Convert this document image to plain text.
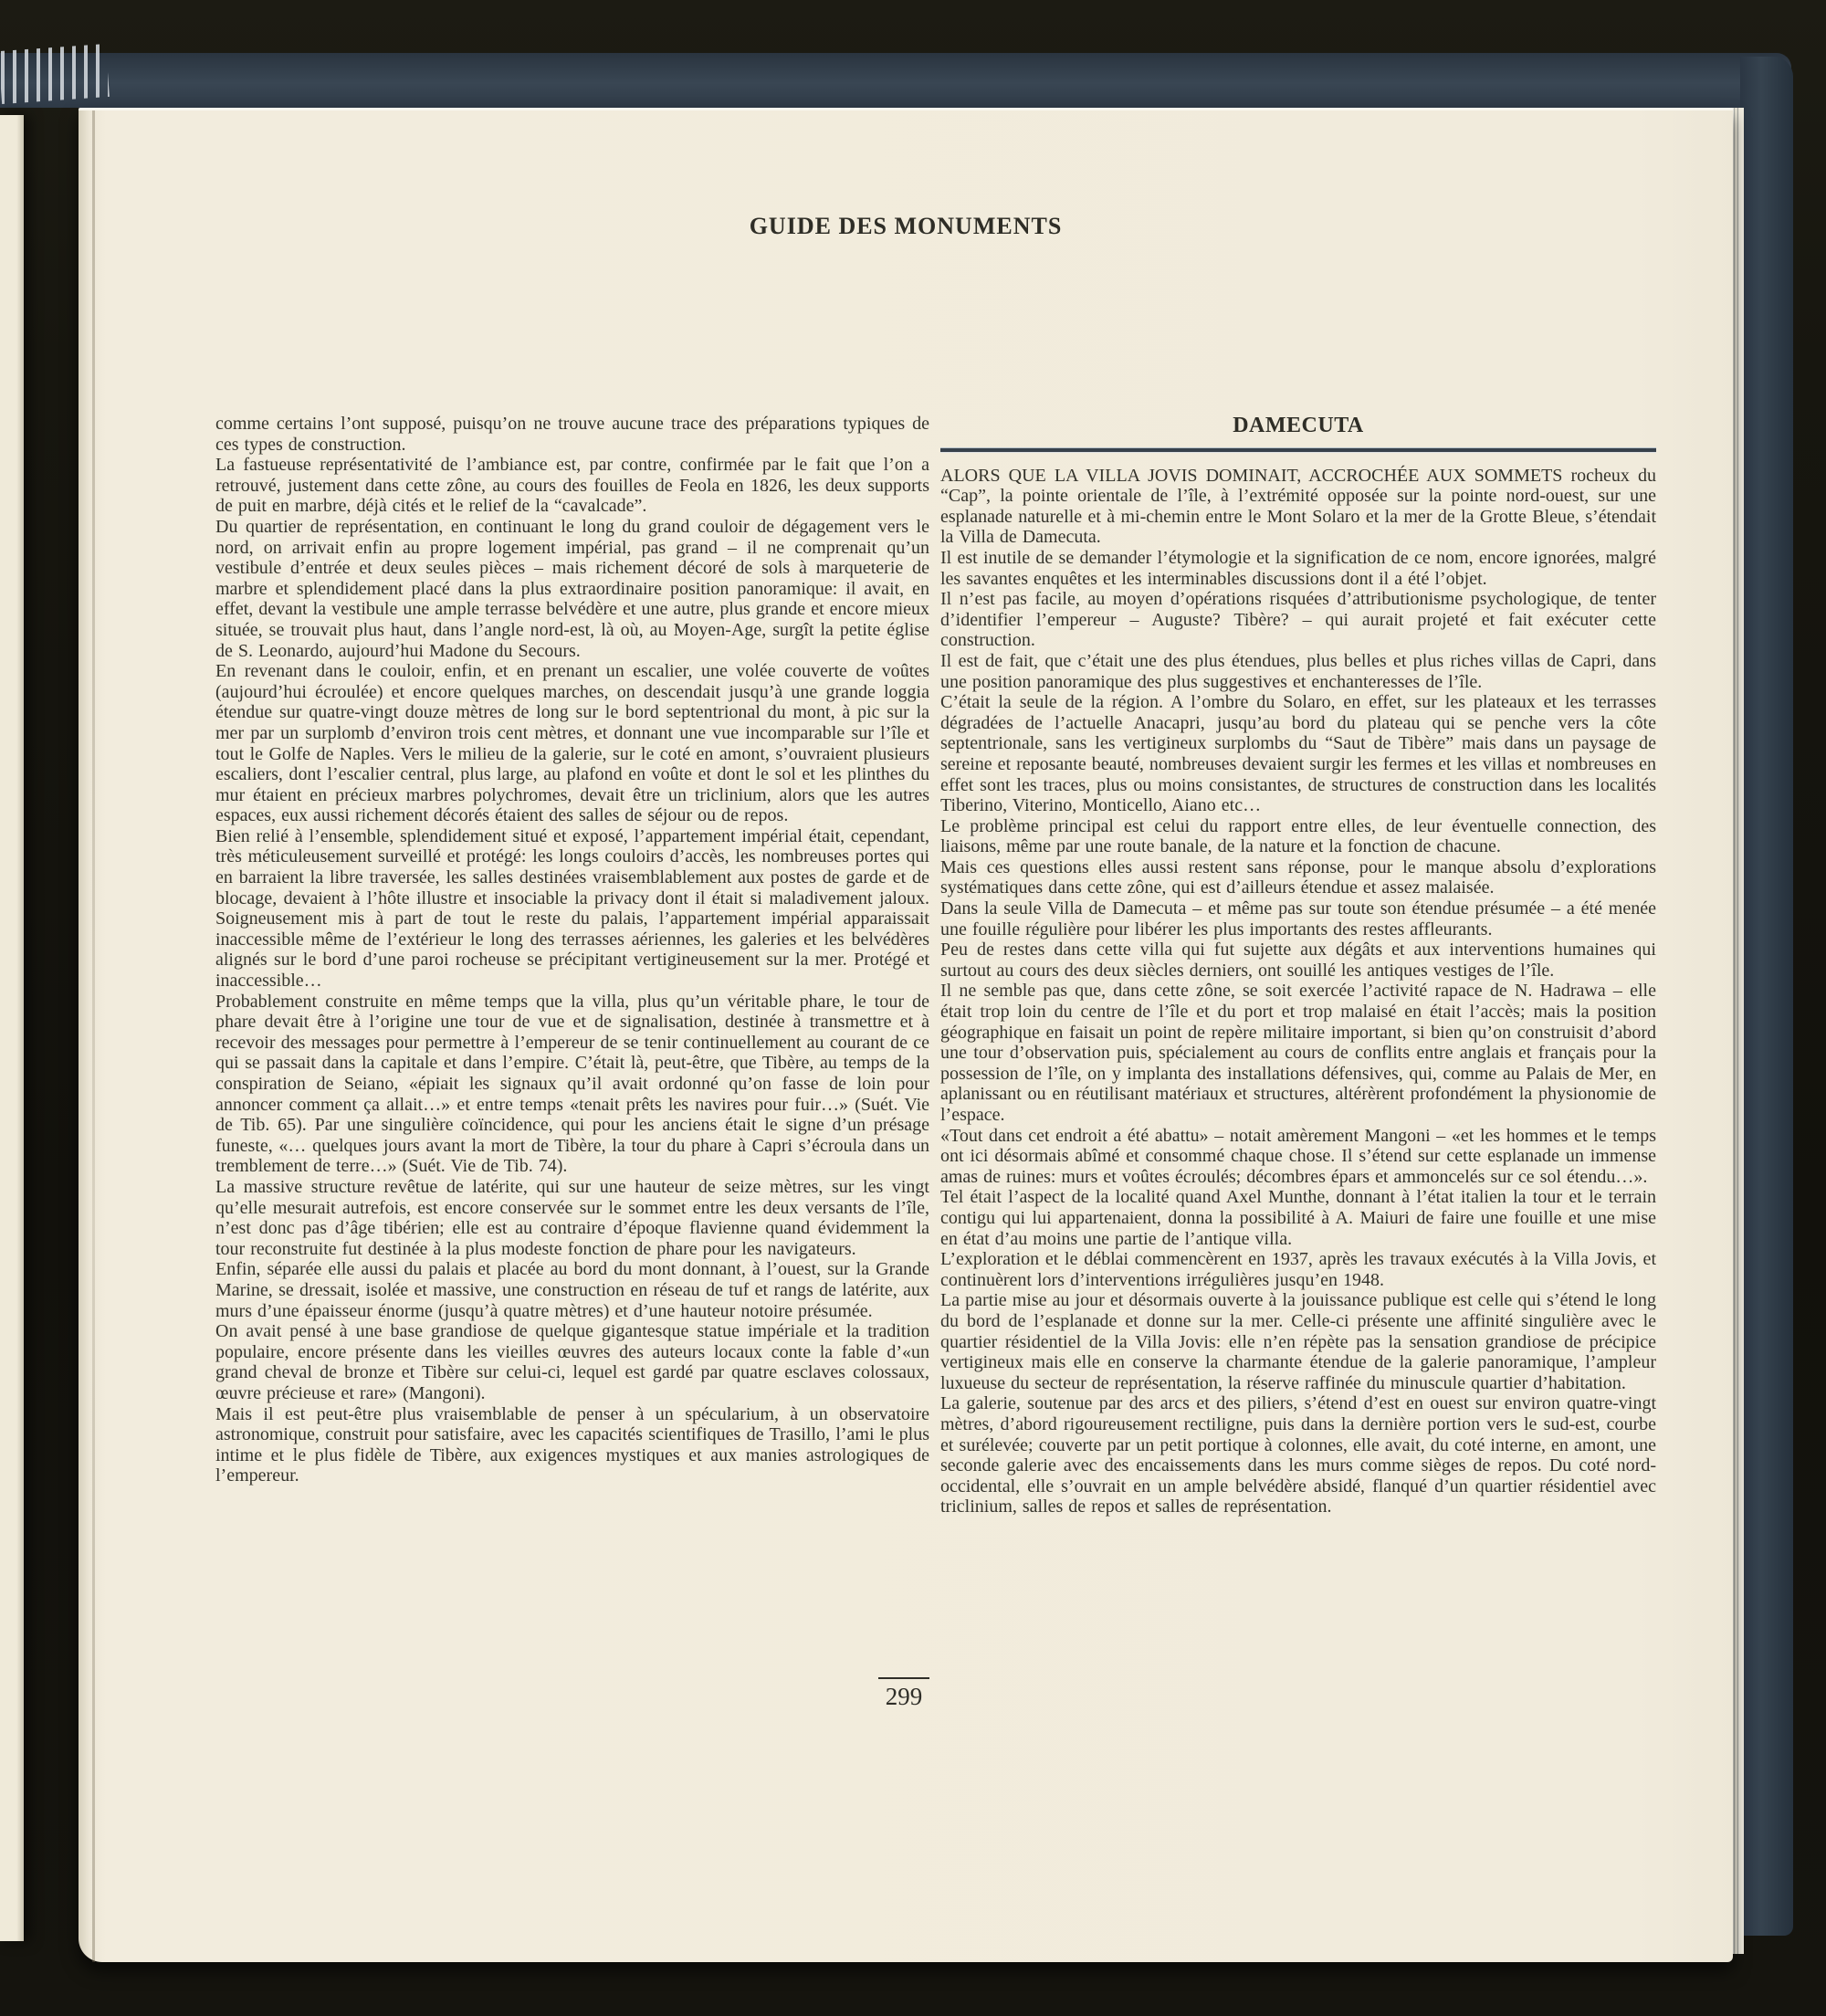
GUIDE DES MONUMENTS

comme certains l’ont supposé, puisqu’on ne trouve aucune trace des préparations typiques de ces types de construction.

La fastueuse représentativité de l’ambiance est, par contre, confirmée par le fait que l’on a retrouvé, justement dans cette zône, au cours des fouilles de Feola en 1826, les deux supports de puit en marbre, déjà cités et le relief de la “cavalcade”.

Du quartier de représentation, en continuant le long du grand couloir de dégagement vers le nord, on arrivait enfin au propre logement impérial, pas grand – il ne comprenait qu’un vestibule d’entrée et deux seules pièces – mais richement décoré de sols à marqueterie de marbre et splendidement placé dans la plus extraordinaire position panoramique: il avait, en effet, devant la vestibule une ample terrasse belvédère et une autre, plus grande et encore mieux située, se trouvait plus haut, dans l’angle nord-est, là où, au Moyen-Age, surgît la petite église de S. Leonardo, aujourd’hui Madone du Secours.

En revenant dans le couloir, enfin, et en prenant un escalier, une volée couverte de voûtes (aujourd’hui écroulée) et encore quelques marches, on descendait jusqu’à une grande loggia étendue sur quatre-vingt douze mètres de long sur le bord septentrional du mont, à pic sur la mer par un surplomb d’environ trois cent mètres, et donnant une vue incomparable sur l’île et tout le Golfe de Naples. Vers le milieu de la galerie, sur le coté en amont, s’ouvraient plusieurs escaliers, dont l’escalier central, plus large, au plafond en voûte et dont le sol et les plinthes du mur étaient en précieux marbres polychromes, devait être un triclinium, alors que les autres espaces, eux aussi richement décorés étaient des salles de séjour ou de repos.

Bien relié à l’ensemble, splendidement situé et exposé, l’appartement impérial était, cependant, très méticuleusement surveillé et protégé: les longs couloirs d’accès, les nombreuses portes qui en barraient la libre traversée, les salles destinées vraisemblablement aux postes de garde et de blocage, devaient à l’hôte illustre et insociable la privacy dont il était si maladivement jaloux. Soigneusement mis à part de tout le reste du palais, l’appartement impérial apparaissait inaccessible même de l’extérieur le long des terrasses aériennes, les galeries et les belvédères alignés sur le bord d’une paroi rocheuse se précipitant vertigineusement sur la mer. Protégé et inaccessible…

Probablement construite en même temps que la villa, plus qu’un véritable phare, le tour de phare devait être à l’origine une tour de vue et de signalisation, destinée à transmettre et à recevoir des messages pour permettre à l’empereur de se tenir continuellement au courant de ce qui se passait dans la capitale et dans l’empire. C’était là, peut-être, que Tibère, au temps de la conspiration de Seiano, «épiait les signaux qu’il avait ordonné qu’on fasse de loin pour annoncer comment ça allait…» et entre temps «tenait prêts les navires pour fuir…» (Suét. Vie de Tib. 65). Par une singulière coïncidence, qui pour les anciens était le signe d’un présage funeste, «… quelques jours avant la mort de Tibère, la tour du phare à Capri s’écroula dans un tremblement de terre…» (Suét. Vie de Tib. 74).

La massive structure revêtue de latérite, qui sur une hauteur de seize mètres, sur les vingt qu’elle mesurait autrefois, est encore conservée sur le sommet entre les deux versants de l’île, n’est donc pas d’âge tibérien; elle est au contraire d’époque flavienne quand évidemment la tour reconstruite fut destinée à la plus modeste fonction de phare pour les navigateurs.

Enfin, séparée elle aussi du palais et placée au bord du mont donnant, à l’ouest, sur la Grande Marine, se dressait, isolée et massive, une construction en réseau de tuf et rangs de latérite, aux murs d’une épaisseur énorme (jusqu’à quatre mètres) et d’une hauteur notoire présumée.

On avait pensé à une base grandiose de quelque gigantesque statue impériale et la tradition populaire, encore présente dans les vieilles œuvres des auteurs locaux conte la fable d’«un grand cheval de bronze et Tibère sur celui-ci, lequel est gardé par quatre esclaves colossaux, œuvre précieuse et rare» (Mangoni).

Mais il est peut-être plus vraisemblable de penser à un spécularium, à un observatoire astronomique, construit pour satisfaire, avec les capacités scientifiques de Trasillo, l’ami le plus intime et le plus fidèle de Tibère, aux exigences mystiques et aux manies astrologiques de l’empereur.

DAMECUTA

ALORS QUE LA VILLA JOVIS DOMINAIT, ACCROCHÉE AUX SOMMETS rocheux du “Cap”, la pointe orientale de l’île, à l’extrémité opposée sur la pointe nord-ouest, sur une esplanade naturelle et à mi-chemin entre le Mont Solaro et la mer de la Grotte Bleue, s’étendait la Villa de Damecuta.

Il est inutile de se demander l’étymologie et la signification de ce nom, encore ignorées, malgré les savantes enquêtes et les interminables discussions dont il a été l’objet.

Il n’est pas facile, au moyen d’opérations risquées d’attributionisme psychologique, de tenter d’identifier l’empereur – Auguste? Tibère? – qui aurait projeté et fait exécuter cette construction.

Il est de fait, que c’était une des plus étendues, plus belles et plus riches villas de Capri, dans une position panoramique des plus suggestives et enchanteresses de l’île.

C’était la seule de la région. A l’ombre du Solaro, en effet, sur les plateaux et les terrasses dégradées de l’actuelle Anacapri, jusqu’au bord du plateau qui se penche vers la côte septentrionale, sans les vertigineux surplombs du “Saut de Tibère” mais dans un paysage de sereine et reposante beauté, nombreuses devaient surgir les fermes et les villas et nombreuses en effet sont les traces, plus ou moins consistantes, de structures de construction dans les localités Tiberino, Viterino, Monticello, Aiano etc…

Le problème principal est celui du rapport entre elles, de leur éventuelle connection, des liaisons, même par une route banale, de la nature et la fonction de chacune.

Mais ces questions elles aussi restent sans réponse, pour le manque absolu d’explorations systématiques dans cette zône, qui est d’ailleurs étendue et assez malaisée.

Dans la seule Villa de Damecuta – et même pas sur toute son étendue présumée – a été menée une fouille régulière pour libérer les plus importants des restes affleurants.

Peu de restes dans cette villa qui fut sujette aux dégâts et aux interventions humaines qui surtout au cours des deux siècles derniers, ont souillé les antiques vestiges de l’île.

Il ne semble pas que, dans cette zône, se soit exercée l’activité rapace de N. Hadrawa – elle était trop loin du centre de l’île et du port et trop malaisé en était l’accès; mais la position géographique en faisait un point de repère militaire important, si bien qu’on construisit d’abord une tour d’observation puis, spécialement au cours de conflits entre anglais et français pour la possession de l’île, on y implanta des installations défensives, qui, comme au Palais de Mer, en aplanissant ou en réutilisant matériaux et structures, altérèrent profondément la physionomie de l’espace.

«Tout dans cet endroit a été abattu» – notait amèrement Mangoni – «et les hommes et le temps ont ici désormais abîmé et consommé chaque chose. Il s’étend sur cette esplanade un immense amas de ruines: murs et voûtes écroulés; décombres épars et ammoncelés sur ce sol étendu…».

Tel était l’aspect de la localité quand Axel Munthe, donnant à l’état italien la tour et le terrain contigu qui lui appartenaient, donna la possibilité à A. Maiuri de faire une fouille et une mise en état d’au moins une partie de l’antique villa.

L’exploration et le déblai commencèrent en 1937, après les travaux exécutés à la Villa Jovis, et continuèrent lors d’interventions irrégulières jusqu’en 1948.

La partie mise au jour et désormais ouverte à la jouissance publique est celle qui s’étend le long du bord de l’esplanade et donne sur la mer. Celle-ci présente une affinité singulière avec le quartier résidentiel de la Villa Jovis: elle n’en répète pas la sensation grandiose de précipice vertigineux mais elle en conserve la charmante étendue de la galerie panoramique, l’ampleur luxueuse du secteur de représentation, la réserve raffinée du minuscule quartier d’habitation.

La galerie, soutenue par des arcs et des piliers, s’étend d’est en ouest sur environ quatre-vingt mètres, d’abord rigoureusement rectiligne, puis dans la dernière portion vers le sud-est, courbe et surélevée; couverte par un petit portique à colonnes, elle avait, du coté interne, en amont, une seconde galerie avec des encaissements dans les murs comme sièges de repos. Du coté nord-occidental, elle s’ouvrait en un ample belvédère absidé, flanqué d’un quartier résidentiel avec triclinium, salles de repos et salles de représentation.

299
